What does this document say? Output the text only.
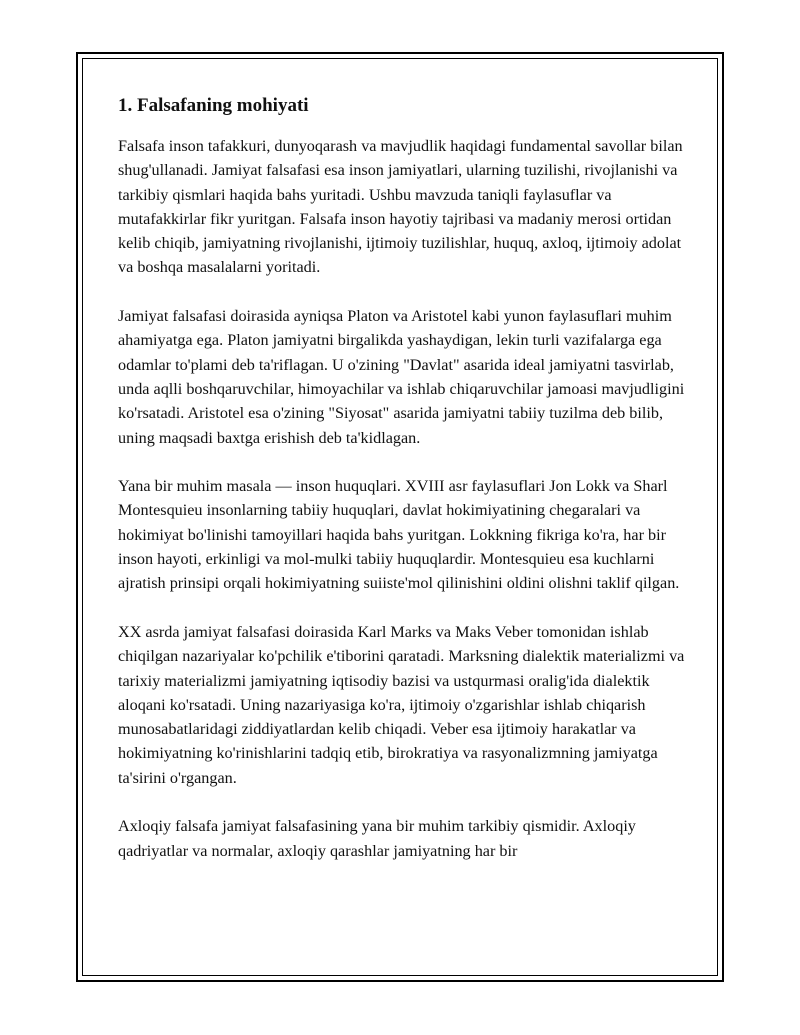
1. Falsafaning mohiyati

Falsafa inson tafakkuri, dunyoqarash va mavjudlik haqidagi fundamental savollar bilan shug'ullanadi. Jamiyat falsafasi esa inson jamiyatlari, ularning tuzilishi, rivojlanishi va tarkibiy qismlari haqida bahs yuritadi. Ushbu mavzuda taniqli faylasuflar va mutafakkirlar fikr yuritgan. Falsafa inson hayotiy tajribasi va madaniy merosi ortidan kelib chiqib, jamiyatning rivojlanishi, ijtimoiy tuzilishlar, huquq, axloq, ijtimoiy adolat va boshqa masalalarni yoritadi.

Jamiyat falsafasi doirasida ayniqsa Platon va Aristotel kabi yunon faylasuflari muhim ahamiyatga ega. Platon jamiyatni birgalikda yashaydigan, lekin turli vazifalarga ega odamlar to'plami deb ta'riflagan. U o'zining "Davlat" asarida ideal jamiyatni tasvirlab, unda aqlli boshqaruvchilar, himoyachilar va ishlab chiqaruvchilar jamoasi mavjudligini ko'rsatadi. Aristotel esa o'zining "Siyosat" asarida jamiyatni tabiiy tuzilma deb bilib, uning maqsadi baxtga erishish deb ta'kidlagan.

Yana bir muhim masala — inson huquqlari. XVIII asr faylasuflari Jon Lokk va Sharl Montesquieu insonlarning tabiiy huquqlari, davlat hokimiyatining chegaralari va hokimiyat bo'linishi tamoyillari haqida bahs yuritgan. Lokkning fikriga ko'ra, har bir inson hayoti, erkinligi va mol-mulki tabiiy huquqlardir. Montesquieu esa kuchlarni ajratish prinsipi orqali hokimiyatning suiiste'mol qilinishini oldini olishni taklif qilgan.

XX asrda jamiyat falsafasi doirasida Karl Marks va Maks Veber tomonidan ishlab chiqilgan nazariyalar ko'pchilik e'tiborini qaratadi. Marksning dialektik materializmi va tarixiy materializmi jamiyatning iqtisodiy bazisi va ustqurmasi oralig'ida dialektik aloqani ko'rsatadi. Uning nazariyasiga ko'ra, ijtimoiy o'zgarishlar ishlab chiqarish munosabatlaridagi ziddiyatlardan kelib chiqadi. Veber esa ijtimoiy harakatlar va hokimiyatning ko'rinishlarini tadqiq etib, birokratiya va rasyonalizmning jamiyatga ta'sirini o'rgangan.

Axloqiy falsafa jamiyat falsafasining yana bir muhim tarkibiy qismidir. Axloqiy qadriyatlar va normalar, axloqiy qarashlar jamiyatning har bir
